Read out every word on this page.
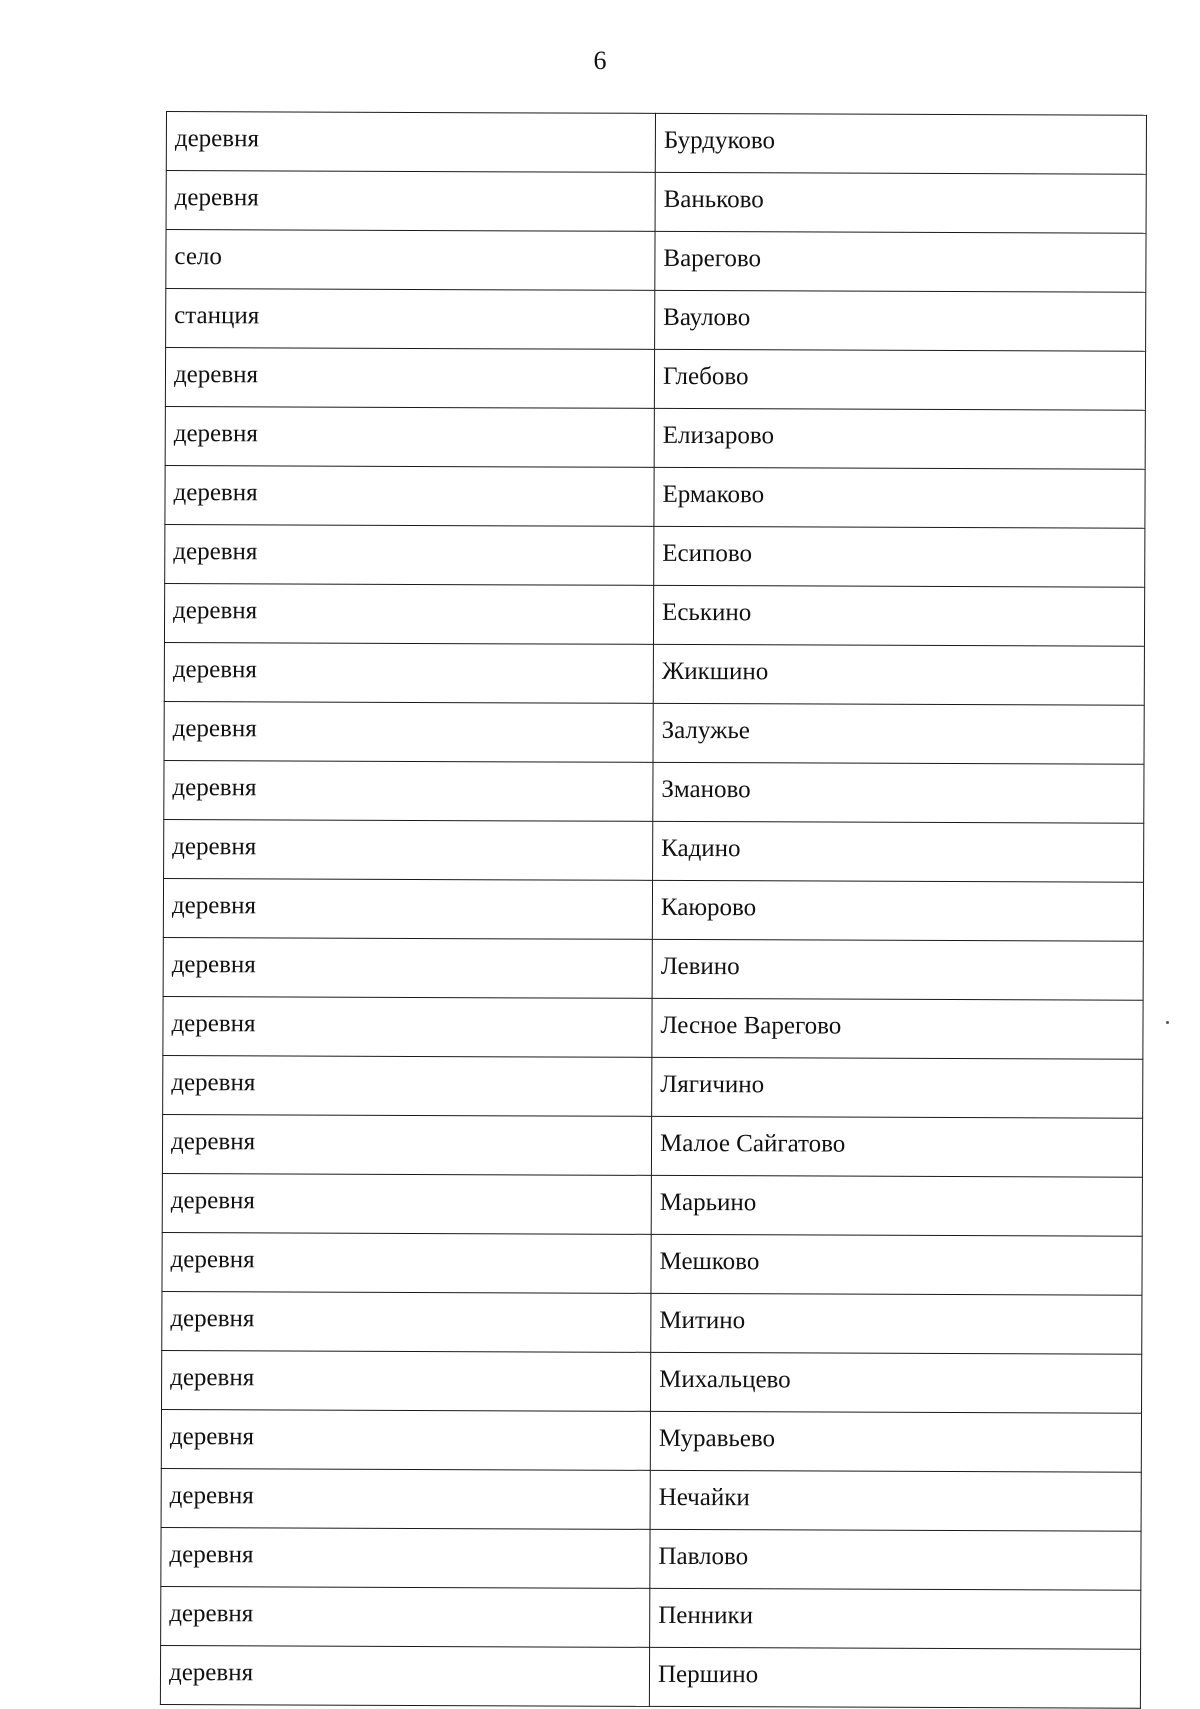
6
деревня	Бурдуково
деревня	Ваньково
село	Варегово
станция	Ваулово
деревня	Глебово
деревня	Елизарово
деревня	Ермаково
деревня	Есипово
деревня	Еськино
деревня	Жикшино
деревня	Залужье
деревня	Зманово
деревня	Кадино
деревня	Каюрово
деревня	Левино
деревня	Лесное Варегово
деревня	Лягичино
деревня	Малое Сайгатово
деревня	Марьино
деревня	Мешково
деревня	Митино
деревня	Михальцево
деревня	Муравьево
деревня	Нечайки
деревня	Павлово
деревня	Пенники
деревня	Першино
